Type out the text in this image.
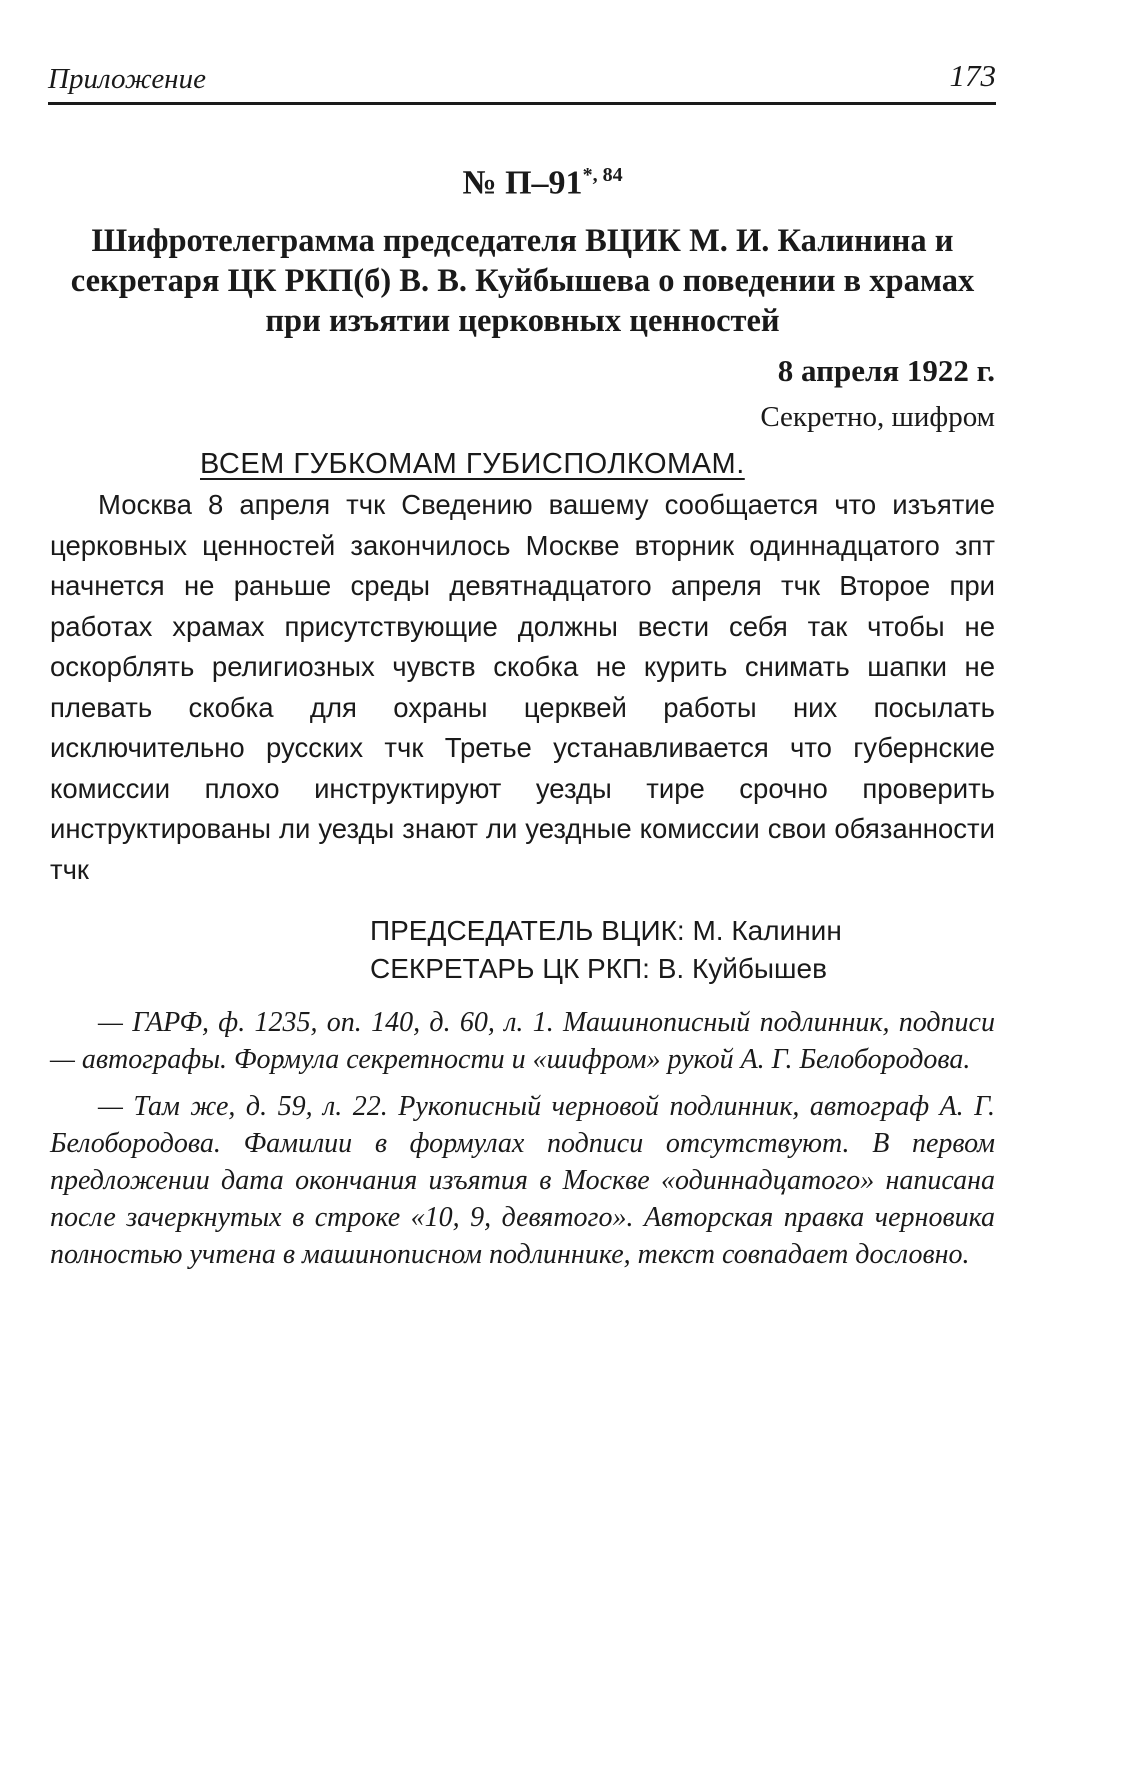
Приложение	173
№ $П-91^{*, 84}$
Шифротелеграмма председателя ВЦИК М. И. Калинина и секретаря ЦК РКП(б) В. В. Куйбышева о поведении в храмах при изъятии церковных ценностей
8 апреля 1922 г.
Секретно, шифром
ВСЕМ ГУБКОМАМ ГУБИСПОЛКОМАМ.
Москва 8 апреля тчк Сведению вашему сообщается что изъятие церковных ценностей закончилось Москве вторник одиннадцатого зпт начнется не раньше среды девятнадцатого апреля тчк Второе при работах храмах присутствующие должны вести себя так чтобы не оскорблять религиозных чувств скобка не курить снимать шапки не плевать скобка для охраны церквей работы них посылать исключительно русских тчк Третье устанавливается что губернские комиссии плохо инструктируют уезды тире срочно проверить инструктированы ли уезды знают ли уездные комиссии свои обязанности тчк
ПРЕДСЕДАТЕЛЬ ВЦИК: М. Калинин
СЕКРЕТАРЬ ЦК РКП: В. Куйбышев
— ГАРФ, ф. 1235, оп. 140, д. 60, л. 1. Машинописный подлинник, подписи — автографы. Формула секретности и «шифром» рукой А. Г. Белобородова.
— Там же, д. 59, л. 22. Рукописный черновой подлинник, автограф А. Г. Белобородова. Фамилии в формулах подписи отсутствуют. В первом предложении дата окончания изъятия в Москве «одиннадцатого» написана после зачеркнутых в строке «10, 9, девятого». Авторская правка черновика полностью учтена в машинописном подлиннике, текст совпадает дословно.
